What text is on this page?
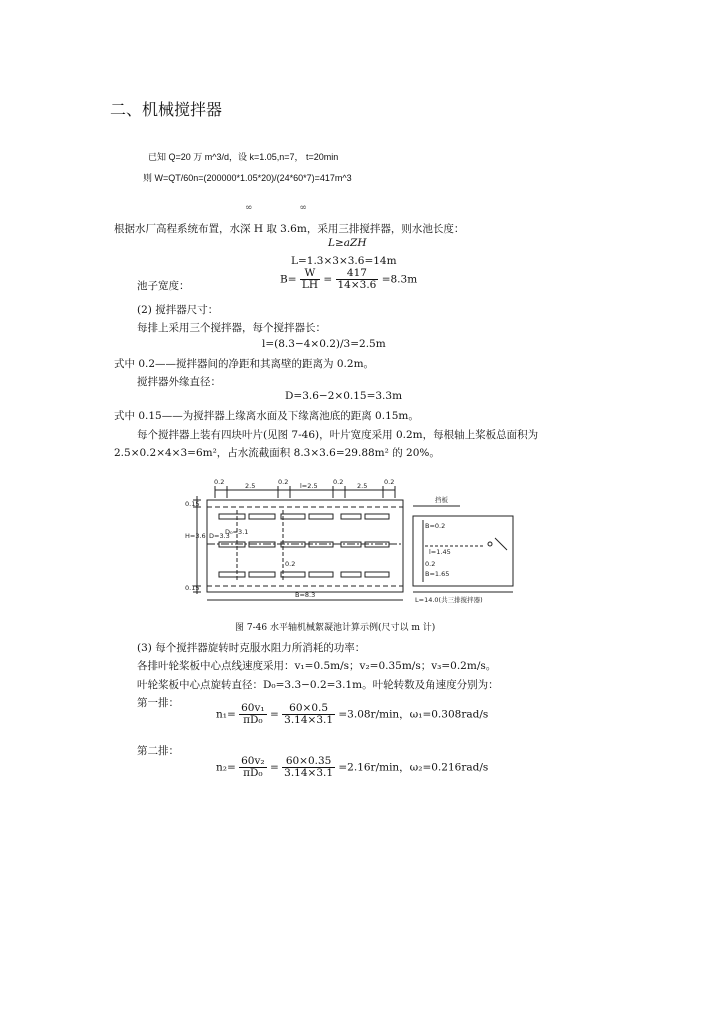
二、机械搅拌器
已知 Q=20 万 m^3/d，设 k=1.05,n=7， t=20min
则 W=QT/60n=(200000*1.05*20)/(24*60*7)=417m^3
∞ ∞
根据水厂高程系统布置，水深 H 取 3.6m，采用三排搅拌器，则水池长度：
L≥aZH
L=1.3×3×3.6=14m
池子宽度：
$B= \frac{W}{LH} = \frac{417}{14\times 3.6} =8.3m$
(2) 搅拌器尺寸：
每排上采用三个搅拌器，每个搅拌器长：
l=(8.3−4×0.2)/3=2.5m
式中 0.2——搅拌器间的净距和其离壁的距离为 0.2m。
搅拌器外缘直径：
D=3.6−2×0.15=3.3m
式中 0.15——为搅拌器上缘离水面及下缘离池底的距离 0.15m。
每个搅拌器上装有四块叶片(见图 7-46)，叶片宽度采用 0.2m，每根轴上桨板总面积为
2.5×0.2×4×3=6m²，占水流截面积 8.3×3.6=29.88m² 的 20%。
0.2	2.5	0.2 l=2.5 0.2 2.5	0.2
0.15
H=3.6 D=3.3
0.15
D₀=3.1
0.2
B=8.3
挡板
B=0.2
l=1.45
0.2
B=1.65
L=14.0(共三排搅拌器)
图 7-46 水平轴机械絮凝池计算示例(尺寸以 m 计)
(3) 每个搅拌器旋转时克服水阻力所消耗的功率：
各排叶轮桨板中心点线速度采用：v₁=0.5m/s；v₂=0.35m/s；v₃=0.2m/s。
叶轮桨板中心点旋转直径：D₀=3.3−0.2=3.1m。叶轮转数及角速度分别为：
第一排：
$n_1= \frac{\text{60v₁}}{\text{πD₀}} = \frac{60\times 0.5}{3.14\times 3.1} =3.08r/\min$，ω₁=0.308rad/s
第二排：
$n_2= \frac{\text{60v₂}}{\text{πD₀}} = \frac{60\times 0.35}{3.14\times 3.1} =2.16r/\min$，ω₂=0.216rad/s
